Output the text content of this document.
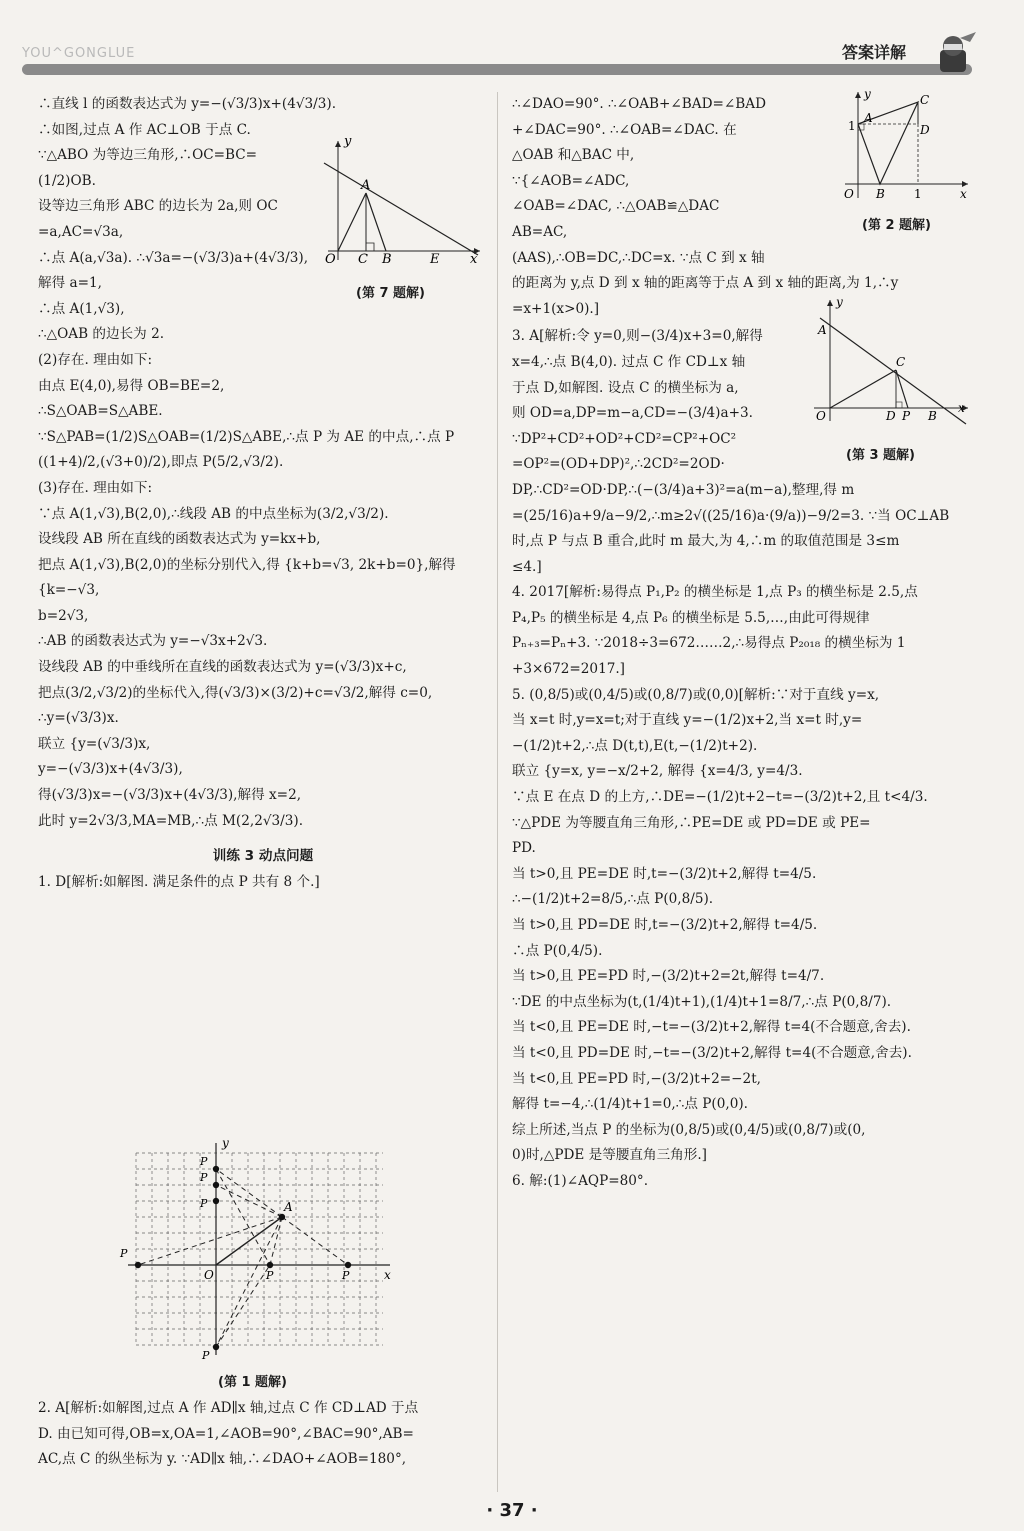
YOU^GONGLUE	答案详解

∴直线 l 的函数表达式为 y=−(√3/3)x+(4√3/3).

∴如图,过点 A 作 AC⊥OB 于点 C.

∵△ABO 为等边三角形,∴OC=BC=

(1/2)OB.

设等边三角形 ABC 的边长为 2a,则 OC

=a,AC=√3a,

∴点 A(a,√3a). ∴√3a=−(√3/3)a+(4√3/3),

解得 a=1,

∴点 A(1,√3),

∴△OAB 的边长为 2.

(2)存在. 理由如下:

由点 E(4,0),易得 OB=BE=2,

∴S△OAB=S△ABE.

∵S△PAB=(1/2)S△OAB=(1/2)S△ABE,∴点 P 为 AE 的中点,∴点 P

((1+4)/2,(√3+0)/2),即点 P(5/2,√3/2).

(3)存在. 理由如下:

∵点 A(1,√3),B(2,0),∴线段 AB 的中点坐标为(3/2,√3/2).

设线段 AB 所在直线的函数表达式为 y=kx+b,

把点 A(1,√3),B(2,0)的坐标分别代入,得 {k+b=√3, 2k+b=0},解得

{k=−√3,

b=2√3,

∴AB 的函数表达式为 y=−√3x+2√3.

设线段 AB 的中垂线所在直线的函数表达式为 y=(√3/3)x+c,

把点(3/2,√3/2)的坐标代入,得(√3/3)×(3/2)+c=√3/2,解得 c=0,

∴y=(√3/3)x.

联立 {y=(√3/3)x,

y=−(√3/3)x+(4√3/3),

得(√3/3)x=−(√3/3)x+(4√3/3),解得 x=2,

此时 y=2√3/3,MA=MB,∴点 M(2,2√3/3).

训练 3 动点问题

1. D[解析:如解图. 满足条件的点 P 共有 8 个.]

y
A
O C B	E x
(第 7 题解)
y
A
O	x
P
P
P
P
P	P
P
(第 1 题解)

2. A[解析:如解图,过点 A 作 AD∥x 轴,过点 C 作 CD⊥AD 于点

D. 由已知可得,OB=x,OA=1,∠AOB=90°,∠BAC=90°,AB=

AC,点 C 的纵坐标为 y. ∵AD∥x 轴,∴∠DAO+∠AOB=180°,

∴∠DAO=90°. ∴∠OAB+∠BAD=∠BAD

+∠DAC=90°. ∴∠OAB=∠DAC. 在

△OAB 和△BAC 中,

∵{∠AOB=∠ADC,

∠OAB=∠DAC, ∴△OAB≌△DAC

AB=AC,

(AAS),∴OB=DC,∴DC=x. ∵点 C 到 x 轴

的距离为 y,点 D 到 x 轴的距离等于点 A 到 x 轴的距离,为 1,∴y

=x+1(x>0).]

3. A[解析:令 y=0,则−(3/4)x+3=0,解得

x=4,∴点 B(4,0). 过点 C 作 CD⊥x 轴

于点 D,如解图. 设点 C 的横坐标为 a,

则 OD=a,DP=m−a,CD=−(3/4)a+3.

∵DP²+CD²+OD²+CD²=CP²+OC²

=OP²=(OD+DP)²,∴2CD²=2OD·

DP,∴CD²=OD·DP,∴(−(3/4)a+3)²=a(m−a),整理,得 m

=(25/16)a+9/a−9/2,∴m≥2√((25/16)a·(9/a))−9/2=3. ∵当 OC⊥AB

时,点 P 与点 B 重合,此时 m 最大,为 4,∴m 的取值范围是 3≤m

≤4.]

4. 2017[解析:易得点 P₁,P₂ 的横坐标是 1,点 P₃ 的横坐标是 2.5,点

P₄,P₅ 的横坐标是 4,点 P₆ 的横坐标是 5.5,…,由此可得规律

Pₙ₊₃=Pₙ+3. ∵2018÷3=672……2,∴易得点 P₂₀₁₈ 的横坐标为 1

+3×672=2017.]

5. (0,8/5)或(0,4/5)或(0,8/7)或(0,0)[解析:∵对于直线 y=x,

当 x=t 时,y=x=t;对于直线 y=−(1/2)x+2,当 x=t 时,y=

−(1/2)t+2,∴点 D(t,t),E(t,−(1/2)t+2).

联立 {y=x, y=−x/2+2, 解得 {x=4/3, y=4/3.

∵点 E 在点 D 的上方,∴DE=−(1/2)t+2−t=−(3/2)t+2,且 t<4/3.

∵△PDE 为等腰直角三角形,∴PE=DE 或 PD=DE 或 PE=

PD.

当 t>0,且 PE=DE 时,t=−(3/2)t+2,解得 t=4/5.

∴−(1/2)t+2=8/5,∴点 P(0,8/5).

当 t>0,且 PD=DE 时,t=−(3/2)t+2,解得 t=4/5.

∴点 P(0,4/5).

当 t>0,且 PE=PD 时,−(3/2)t+2=2t,解得 t=4/7.

∵DE 的中点坐标为(t,(1/4)t+1),(1/4)t+1=8/7,∴点 P(0,8/7).

当 t<0,且 PE=DE 时,−t=−(3/2)t+2,解得 t=4(不合题意,舍去).

当 t<0,且 PD=DE 时,−t=−(3/2)t+2,解得 t=4(不合题意,舍去).

当 t<0,且 PE=PD 时,−(3/2)t+2=−2t,

解得 t=−4,∴(1/4)t+1=0,∴点 P(0,0).

综上所述,当点 P 的坐标为(0,8/5)或(0,4/5)或(0,8/7)或(0,

0)时,△PDE 是等腰直角三角形.]

6. 解:(1)∠AQP=80°.

y	C
A
D
1
O B 1	x
(第 2 题解)
y
A
C
O	D P B
x
(第 3 题解)
· 37 ·
